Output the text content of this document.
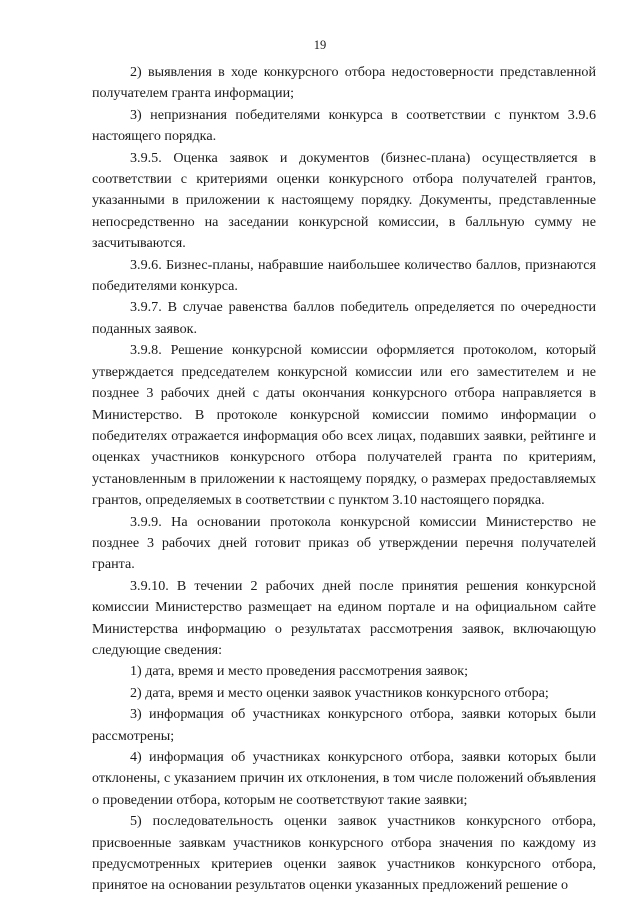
19

2) выявления в ходе конкурсного отбора недостоверности представленной получателем гранта информации;

3) непризнания победителями конкурса в соответствии с пунктом 3.9.6 настоящего порядка.

3.9.5. Оценка заявок и документов (бизнес-плана) осуществляется в соответствии с критериями оценки конкурсного отбора получателей грантов, указанными в приложении к настоящему порядку. Документы, представленные непосредственно на заседании конкурсной комиссии, в балльную сумму не засчитываются.

3.9.6. Бизнес-планы, набравшие наибольшее количество баллов, признаются победителями конкурса.

3.9.7. В случае равенства баллов победитель определяется по очередности поданных заявок.

3.9.8. Решение конкурсной комиссии оформляется протоколом, который утверждается председателем конкурсной комиссии или его заместителем и не позднее 3 рабочих дней с даты окончания конкурсного отбора направляется в Министерство. В протоколе конкурсной комиссии помимо информации о победителях отражается информация обо всех лицах, подавших заявки, рейтинге и оценках участников конкурсного отбора получателей гранта по критериям, установленным в приложении к настоящему порядку, о размерах предоставляемых грантов, определяемых в соответствии с пунктом 3.10 настоящего порядка.

3.9.9. На основании протокола конкурсной комиссии Министерство не позднее 3 рабочих дней готовит приказ об утверждении перечня получателей гранта.

3.9.10. В течении 2 рабочих дней после принятия решения конкурсной комиссии Министерство размещает на едином портале и на официальном сайте Министерства информацию о результатах рассмотрения заявок, включающую следующие сведения:

1) дата, время и место проведения рассмотрения заявок;

2) дата, время и место оценки заявок участников конкурсного отбора;

3) информация об участниках конкурсного отбора, заявки которых были рассмотрены;

4) информация об участниках конкурсного отбора, заявки которых были отклонены, с указанием причин их отклонения, в том числе положений объявления о проведении отбора, которым не соответствуют такие заявки;

5) последовательность оценки заявок участников конкурсного отбора, присвоенные заявкам участников конкурсного отбора значения по каждому из предусмотренных критериев оценки заявок участников конкурсного отбора, принятое на основании результатов оценки указанных предложений решение о
